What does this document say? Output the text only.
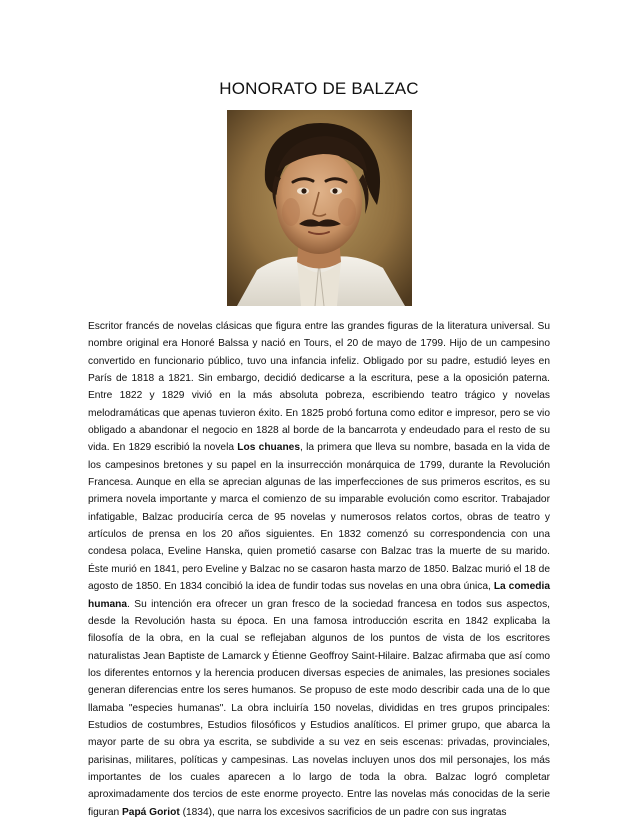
HONORATO DE BALZAC

Escritor francés de novelas clásicas que figura entre las grandes figuras de la literatura universal. Su nombre original era Honoré Balssa y nació en Tours, el 20 de mayo de 1799. Hijo de un campesino convertido en funcionario público, tuvo una infancia infeliz. Obligado por su padre, estudió leyes en París de 1818 a 1821. Sin embargo, decidió dedicarse a la escritura, pese a la oposición paterna. Entre 1822 y 1829 vivió en la más absoluta pobreza, escribiendo teatro trágico y novelas melodramáticas que apenas tuvieron éxito. En 1825 probó fortuna como editor e impresor, pero se vio obligado a abandonar el negocio en 1828 al borde de la bancarrota y endeudado para el resto de su vida. En 1829 escribió la novela Los chuanes, la primera que lleva su nombre, basada en la vida de los campesinos bretones y su papel en la insurrección monárquica de 1799, durante la Revolución Francesa. Aunque en ella se aprecian algunas de las imperfecciones de sus primeros escritos, es su primera novela importante y marca el comienzo de su imparable evolución como escritor. Trabajador infatigable, Balzac produciría cerca de 95 novelas y numerosos relatos cortos, obras de teatro y artículos de prensa en los 20 años siguientes. En 1832 comenzó su correspondencia con una condesa polaca, Eveline Hanska, quien prometió casarse con Balzac tras la muerte de su marido. Éste murió en 1841, pero Eveline y Balzac no se casaron hasta marzo de 1850. Balzac murió el 18 de agosto de 1850. En 1834 concibió la idea de fundir todas sus novelas en una obra única, La comedia humana. Su intención era ofrecer un gran fresco de la sociedad francesa en todos sus aspectos, desde la Revolución hasta su época. En una famosa introducción escrita en 1842 explicaba la filosofía de la obra, en la cual se reflejaban algunos de los puntos de vista de los escritores naturalistas Jean Baptiste de Lamarck y Étienne Geoffroy Saint-Hilaire. Balzac afirmaba que así como los diferentes entornos y la herencia producen diversas especies de animales, las presiones sociales generan diferencias entre los seres humanos. Se propuso de este modo describir cada una de lo que llamaba "especies humanas". La obra incluiría 150 novelas, divididas en tres grupos principales: Estudios de costumbres, Estudios filosóficos y Estudios analíticos. El primer grupo, que abarca la mayor parte de su obra ya escrita, se subdivide a su vez en seis escenas: privadas, provinciales, parisinas, militares, políticas y campesinas. Las novelas incluyen unos dos mil personajes, los más importantes de los cuales aparecen a lo largo de toda la obra. Balzac logró completar aproximadamente dos tercios de este enorme proyecto. Entre las novelas más conocidas de la serie figuran Papá Goriot (1834), que narra los excesivos sacrificios de un padre con sus ingratas
